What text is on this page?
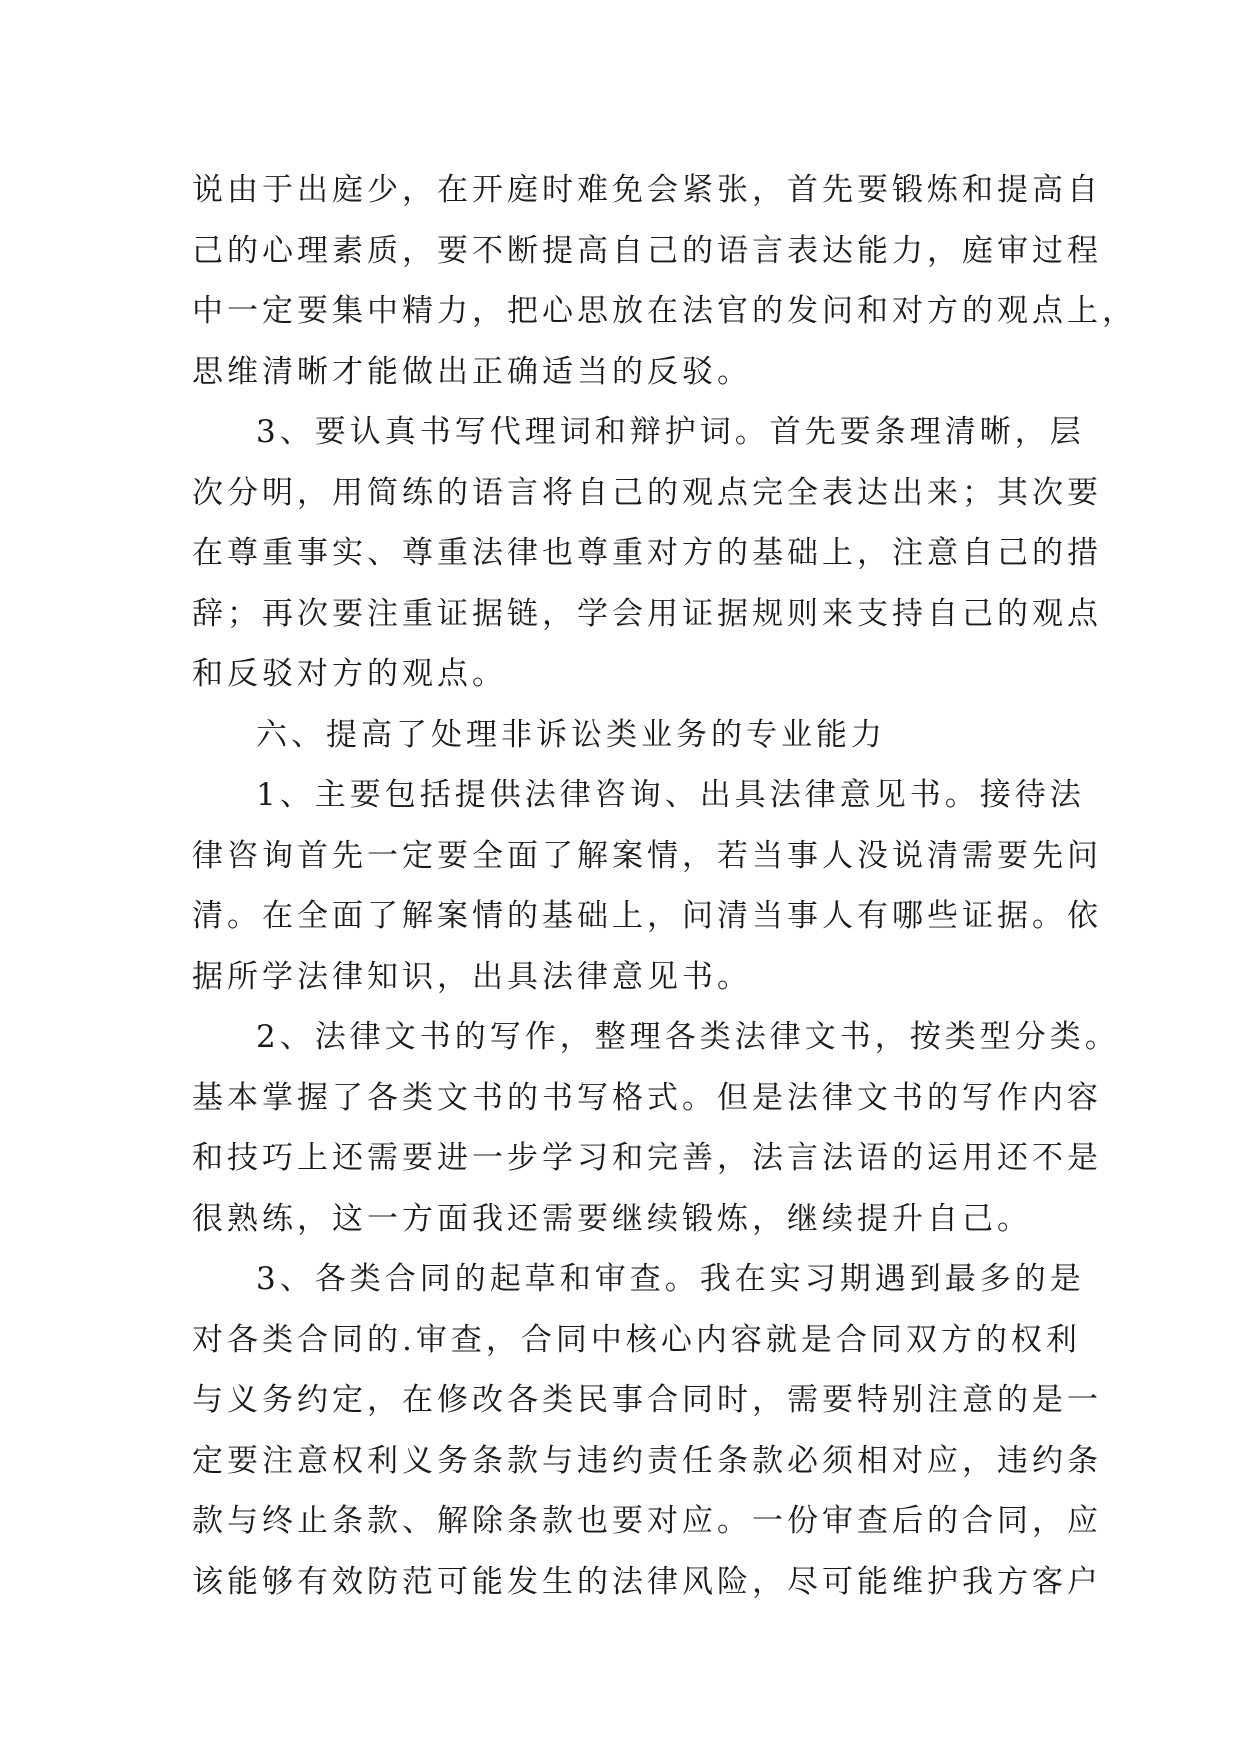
说由于出庭少，在开庭时难免会紧张，首先要锻炼和提高自
己的心理素质，要不断提高自己的语言表达能力，庭审过程
中一定要集中精力，把心思放在法官的发问和对方的观点上，
思维清晰才能做出正确适当的反驳。
3、要认真书写代理词和辩护词。首先要条理清晰，层
次分明，用简练的语言将自己的观点完全表达出来；其次要
在尊重事实、尊重法律也尊重对方的基础上，注意自己的措
辞；再次要注重证据链，学会用证据规则来支持自己的观点
和反驳对方的观点。
六、提高了处理非诉讼类业务的专业能力
1、主要包括提供法律咨询、出具法律意见书。接待法
律咨询首先一定要全面了解案情，若当事人没说清需要先问
清。在全面了解案情的基础上，问清当事人有哪些证据。依
据所学法律知识，出具法律意见书。
2、法律文书的写作，整理各类法律文书，按类型分类。
基本掌握了各类文书的书写格式。但是法律文书的写作内容
和技巧上还需要进一步学习和完善，法言法语的运用还不是
很熟练，这一方面我还需要继续锻炼，继续提升自己。
3、各类合同的起草和审查。我在实习期遇到最多的是
对各类合同的.审查，合同中核心内容就是合同双方的权利
与义务约定，在修改各类民事合同时，需要特别注意的是一
定要注意权利义务条款与违约责任条款必须相对应，违约条
款与终止条款、解除条款也要对应。一份审查后的合同，应
该能够有效防范可能发生的法律风险，尽可能维护我方客户
